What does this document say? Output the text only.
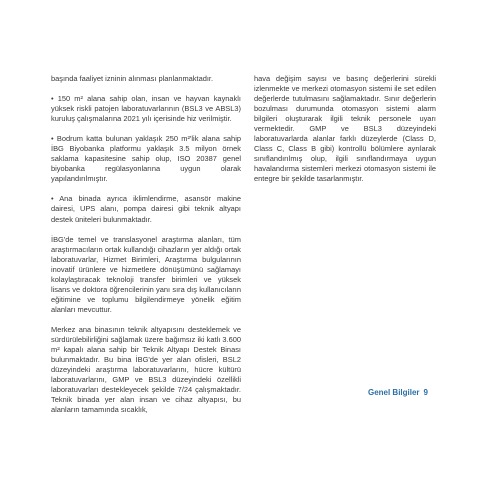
başında faaliyet izninin alınması planlanmaktadır.

• 150 m² alana sahip olan, insan ve hayvan kaynaklı yüksek riskli patojen laboratuvarlarının (BSL3 ve ABSL3) kuruluş çalışmalarına 2021 yılı içerisinde hiz verilmiştir.

• Bodrum katta bulunan yaklaşık 250 m²'lik alana sahip İBG Biyobanka platformu yaklaşık 3.5 milyon örnek saklama kapasitesine sahip olup, ISO 20387 genel biyobanka regülasyonlarına uygun olarak yapılandırılmıştır.

• Ana binada ayrıca iklimlendirme, asansör makine dairesi, UPS alanı, pompa dairesi gibi teknik altyapı destek üniteleri bulunmaktadır.

İBG'de temel ve translasyonel araştırma alanları, tüm araştırmacıların ortak kullandığı cihazların yer aldığı ortak laboratuvarlar, Hizmet Birimleri, Araştırma bulgularının inovatif ürünlere ve hizmetlere dönüşümünü sağlamayı kolaylaştıracak teknoloji transfer birimleri ve yüksek lisans ve doktora öğrencilerinin yanı sıra dış kullanıcıların eğitimine ve toplumu bilgilendirmeye yönelik eğitim alanları mevcuttur.

Merkez ana binasının teknik altyapısını desteklemek ve sürdürülebilirliğini sağlamak üzere bağımsız iki katlı 3.600 m² kapalı alana sahip bir Teknik Altyapı Destek Binası bulunmaktadır. Bu bina İBG'de yer alan ofisleri, BSL2 düzeyindeki araştırma laboratuvarlarını, hücre kültürü laboratuvarlarını, GMP ve BSL3 düzeyindeki özellikli laboratuvarları destekleyecek şekilde 7/24 çalışmaktadır. Teknik binada yer alan insan ve cihaz altyapısı, bu alanların tamamında sıcaklık,

hava değişim sayısı ve basınç değerlerini sürekli izlenmekte ve merkezi otomasyon sistemi ile set edilen değerlerde tutulmasını sağlamaktadır. Sınır değerlerin bozulması durumunda otomasyon sistemi alarm bilgileri oluşturarak ilgili teknik personele uyarı vermektedir. GMP ve BSL3 düzeyindeki laboratuvarlarda alanlar farklı düzeylerde (Class D, Class C, Class B gibi) kontrollü bölümlere ayrılarak sınıflandırılmış olup, ilgili sınıflandırmaya uygun havalandırma sistemleri merkezi otomasyon sistemi ile entegre bir şekilde tasarlanmıştır.

Genel Bilgiler 9
